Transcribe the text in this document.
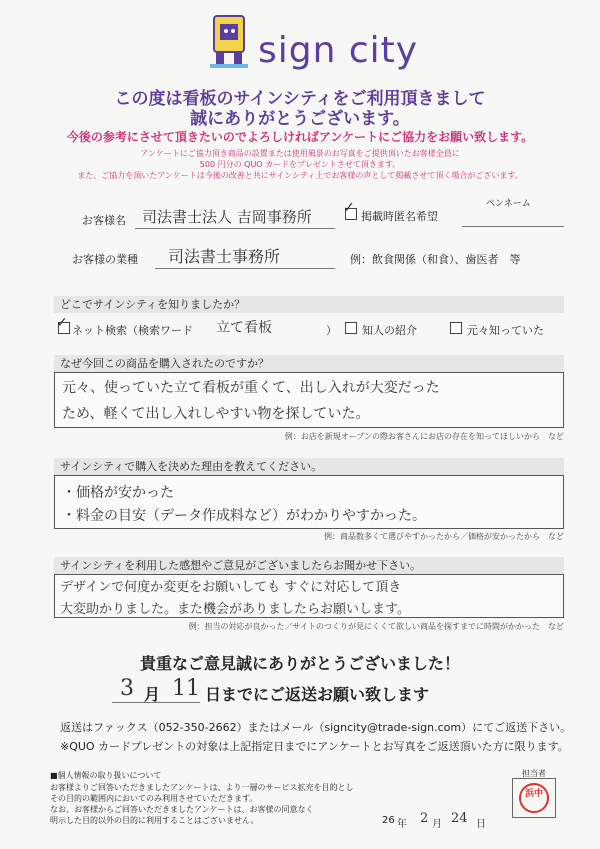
sign city
この度は看板のサインシティをご利用頂きまして
誠にありがとうございます。
今後の参考にさせて頂きたいのでよろしければアンケートにご協力をお願い致します。
アンケートにご協力頂き商品の設置または使用風景のお写真をご提供頂いたお客様全員に
500 円分の QUO カードをプレゼントさせて頂きます。
また、ご協力を頂いたアンケートは今後の改善と共にサインシティ上でお客様の声として掲載させて頂く場合がございます。
お客様名 司法書士法人 吉岡事務所 ✓
掲載時匿名希望
ペンネーム
お客様の業種 司法書士事務所	例：飲食関係（和食）、歯医者　等
どこでサインシティを知りましたか？
✓ ネット検索（検索ワード 立て看板	） 知人の紹介	元々知っていた
なぜ今回この商品を購入されたのですか？
元々、使っていた立て看板が重くて、出し入れが大変だった
ため、軽くて出し入れしやすい物を探していた。
例：お店を新規オープンの際お客さんにお店の存在を知ってほしいから　など
サインシティで購入を決めた理由を教えてください。
・価格が安かった
・料金の目安（データ作成料など）がわかりやすかった。
例：商品数多くて選びやすかったから／価格が安かったから　など
サインシティを利用した感想やご意見がございましたらお聞かせ下さい。
デザインで何度か変更をお願いしても すぐに対応して頂き
大変助かりました。また機会がありましたらお願いします。
例：担当の対応が良かった／サイトのつくりが見にくくて欲しい商品を探すまでに時間がかかった　など
貴重なご意見誠にありがとうございました！
3 月 11 日までにご返送お願い致します
返送はファックス（052-350-2662）またはメール（signcity@trade-sign.com）にてご返送下さい。
※QUO カードプレゼントの対象は上記指定日までにアンケートとお写真をご返送頂いた方に限ります。
■個人情報の取り扱いについて
お客様よりご回答いただきましたアンケートは、より一層のサービス拡充を目的とし
その目的の範囲内においてのみ利用させていただきます。
なお、お客様からご回答いただきましたアンケートは、お客様の同意なく
明示した目的以外の目的に利用することはございません。
担当者
浜中
26 年 2 月 24 日
